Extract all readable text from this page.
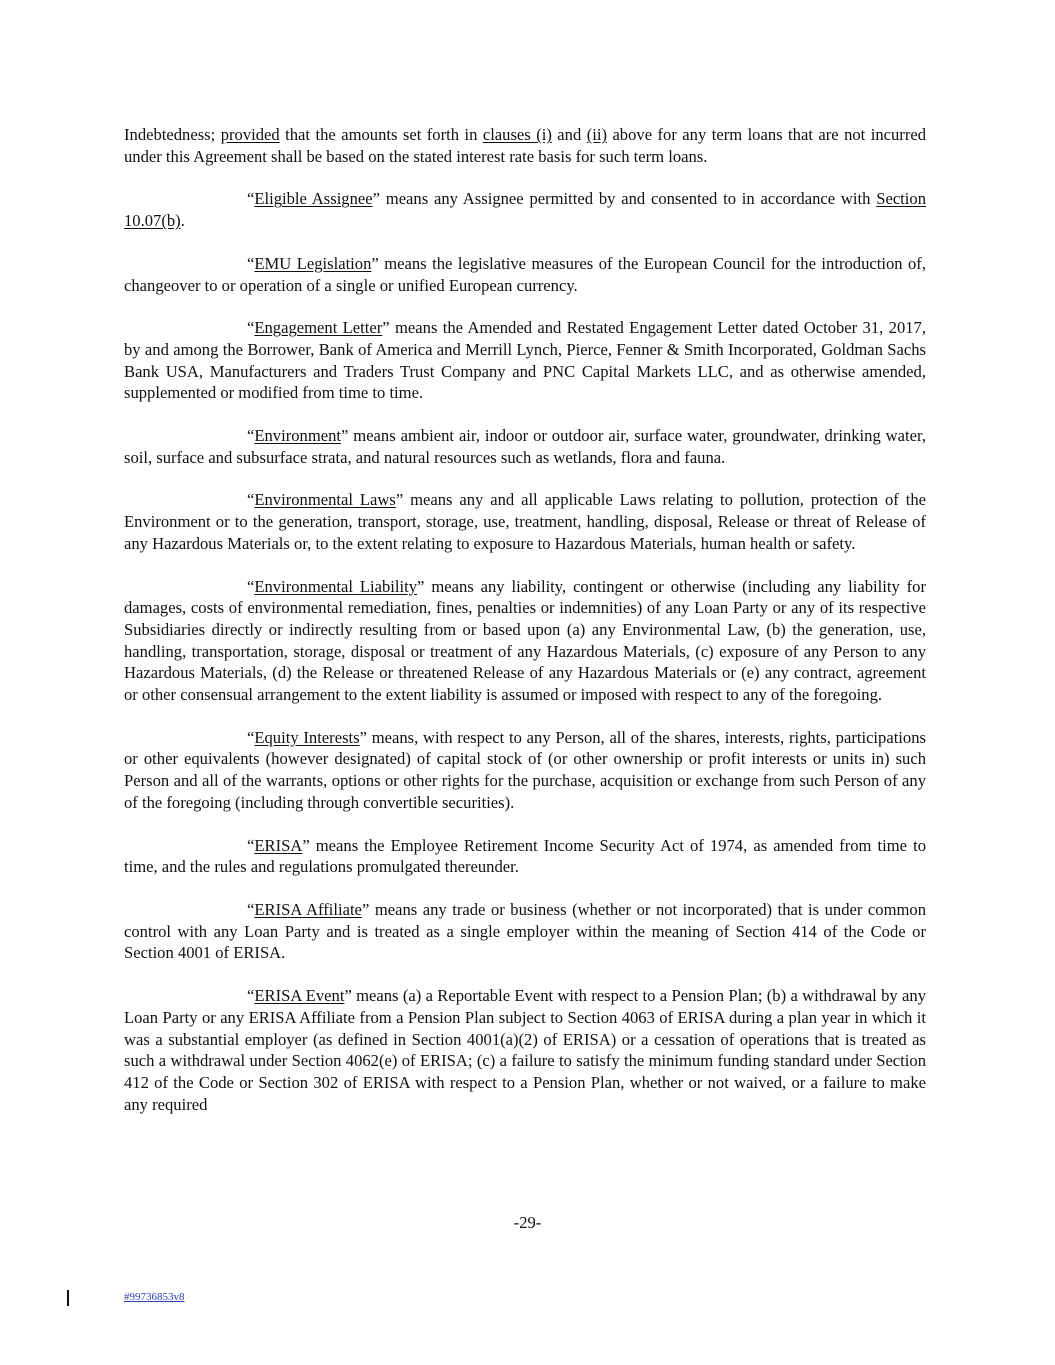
Indebtedness; provided that the amounts set forth in clauses (i) and (ii) above for any term loans that are not incurred under this Agreement shall be based on the stated interest rate basis for such term loans.

“Eligible Assignee” means any Assignee permitted by and consented to in accordance with Section 10.07(b).

“EMU Legislation” means the legislative measures of the European Council for the introduction of, changeover to or operation of a single or unified European currency.

“Engagement Letter” means the Amended and Restated Engagement Letter dated October 31, 2017, by and among the Borrower, Bank of America and Merrill Lynch, Pierce, Fenner & Smith Incorporated, Goldman Sachs Bank USA, Manufacturers and Traders Trust Company and PNC Capital Markets LLC, and as otherwise amended, supplemented or modified from time to time.

“Environment” means ambient air, indoor or outdoor air, surface water, groundwater, drinking water, soil, surface and subsurface strata, and natural resources such as wetlands, flora and fauna.

“Environmental Laws” means any and all applicable Laws relating to pollution, protection of the Environment or to the generation, transport, storage, use, treatment, handling, disposal, Release or threat of Release of any Hazardous Materials or, to the extent relating to exposure to Hazardous Materials, human health or safety.

“Environmental Liability” means any liability, contingent or otherwise (including any liability for damages, costs of environmental remediation, fines, penalties or indemnities) of any Loan Party or any of its respective Subsidiaries directly or indirectly resulting from or based upon (a) any Environmental Law, (b) the generation, use, handling, transportation, storage, disposal or treatment of any Hazardous Materials, (c) exposure of any Person to any Hazardous Materials, (d) the Release or threatened Release of any Hazardous Materials or (e) any contract, agreement or other consensual arrangement to the extent liability is assumed or imposed with respect to any of the foregoing.

“Equity Interests” means, with respect to any Person, all of the shares, interests, rights, participations or other equivalents (however designated) of capital stock of (or other ownership or profit interests or units in) such Person and all of the warrants, options or other rights for the purchase, acquisition or exchange from such Person of any of the foregoing (including through convertible securities).

“ERISA” means the Employee Retirement Income Security Act of 1974, as amended from time to time, and the rules and regulations promulgated thereunder.

“ERISA Affiliate” means any trade or business (whether or not incorporated) that is under common control with any Loan Party and is treated as a single employer within the meaning of Section 414 of the Code or Section 4001 of ERISA.

“ERISA Event” means (a) a Reportable Event with respect to a Pension Plan; (b) a withdrawal by any Loan Party or any ERISA Affiliate from a Pension Plan subject to Section 4063 of ERISA during a plan year in which it was a substantial employer (as defined in Section 4001(a)(2) of ERISA) or a cessation of operations that is treated as such a withdrawal under Section 4062(e) of ERISA; (c) a failure to satisfy the minimum funding standard under Section 412 of the Code or Section 302 of ERISA with respect to a Pension Plan, whether or not waived, or a failure to make any required

-29-
#99736853v8
